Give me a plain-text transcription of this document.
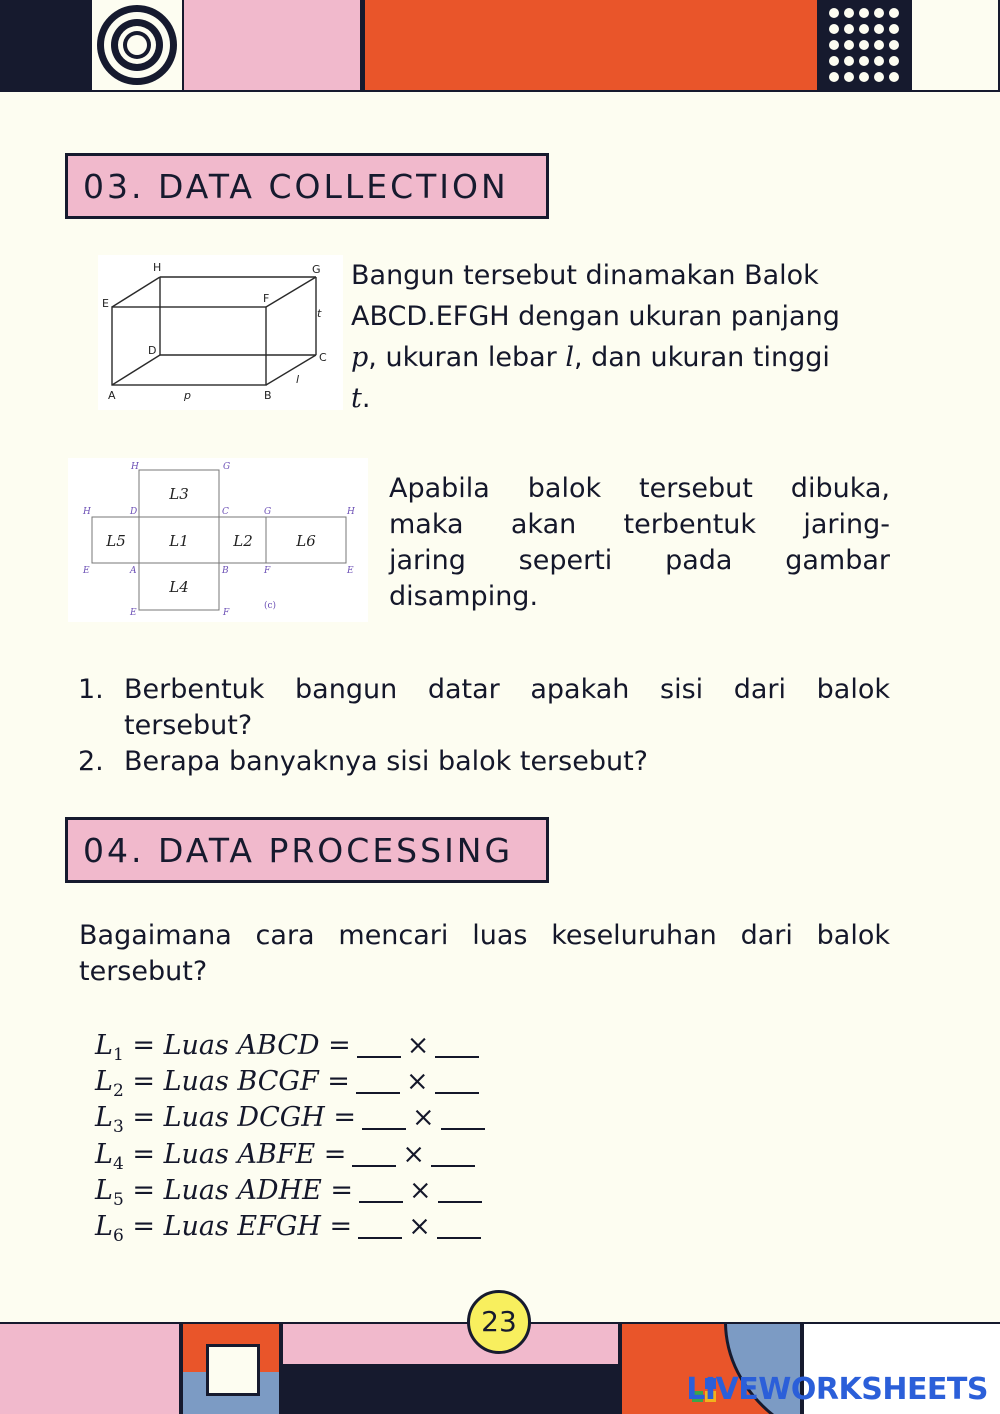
03. DATA COLLECTION
H	G
E	F
D
C
A	B
p
l
t
Bangun tersebut dinamakan Balok ABCD.EFGH dengan ukuran panjang
p, ukuran lebar l, dan ukuran tinggi
t.
L3
L5	L1	L2	L6
L4
H	G
H	D	C	G	H
E	A	B	F	E
E	F
(c)
Apabila balok tersebut dibuka,
maka akan terbentuk jaring-
jaring seperti pada gambar
disamping.
1. Berbentuk bangun datar apakah sisi dari balok tersebut?
2. Berapa banyaknya sisi balok tersebut?
04. DATA PROCESSING
Bagaimana cara mencari luas keseluruhan dari balok
tersebut?
$L_1$ = Luas ABCD = ×
$L_2$ = Luas BCGF = ×
$L_3$ = Luas DCGH = ×
$L_4$ = Luas ABFE = ×
$L_5$ = Luas ADHE = ×
$L_6$ = Luas EFGH = ×
23
LIVEWORKSHEETS
